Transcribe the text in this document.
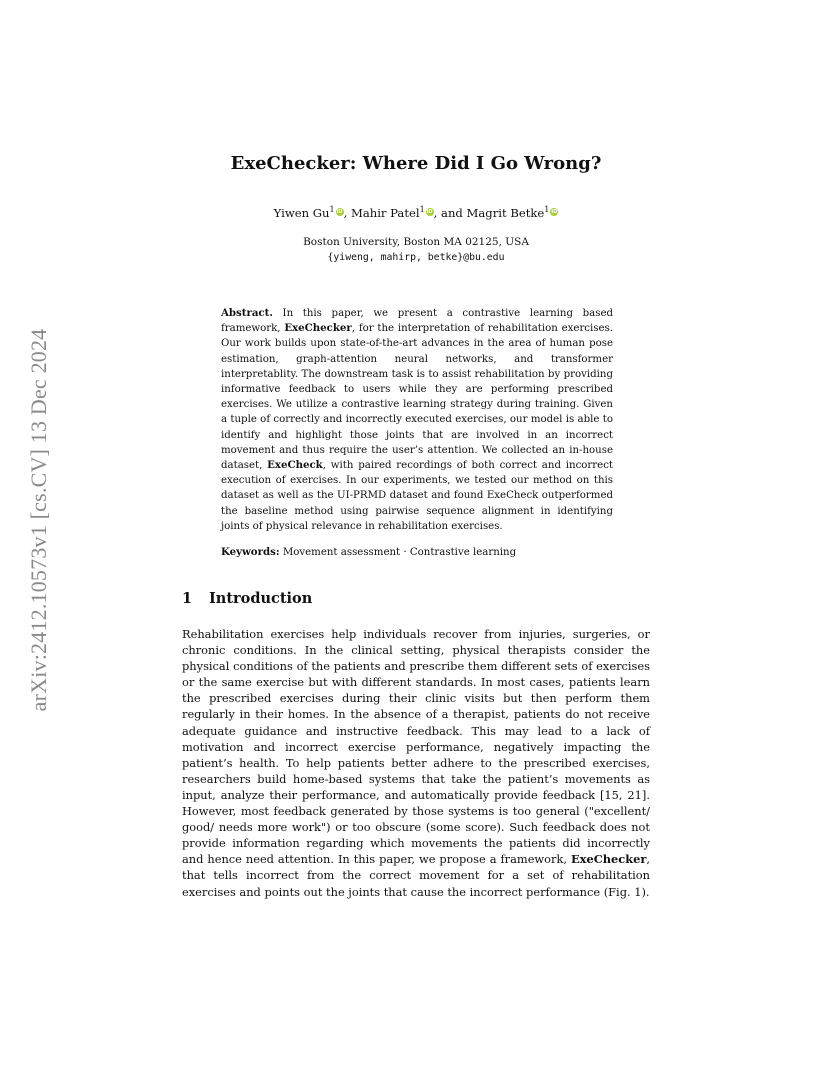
arXiv:2412.10573v1 [cs.CV] 13 Dec 2024
ExeChecker: Where Did I Go Wrong?
Yiwen Gu$^1$ iD, Mahir Patel$^1$ iD, and Magrit Betke$^1$ iD
Boston University, Boston MA 02125, USA
{yiweng, mahirp, betke}@bu.edu

Abstract. In this paper, we present a contrastive learning based framework, ExeChecker, for the interpretation of rehabilitation exercises. Our work builds upon state-of-the-art advances in the area of human pose estimation, graph-attention neural networks, and transformer interpretablity. The downstream task is to assist rehabilitation by providing informative feedback to users while they are performing prescribed exercises. We utilize a contrastive learning strategy during training. Given a tuple of correctly and incorrectly executed exercises, our model is able to identify and highlight those joints that are involved in an incorrect movement and thus require the user’s attention. We collected an in-house dataset, ExeCheck, with paired recordings of both correct and incorrect execution of exercises. In our experiments, we tested our method on this dataset as well as the UI-PRMD dataset and found ExeCheck outperformed the baseline method using pairwise sequence alignment in identifying joints of physical relevance in rehabilitation exercises.

Keywords: Movement assessment · Contrastive learning

1 Introduction

Rehabilitation exercises help individuals recover from injuries, surgeries, or chronic conditions. In the clinical setting, physical therapists consider the physical conditions of the patients and prescribe them different sets of exercises or the same exercise but with different standards. In most cases, patients learn the prescribed exercises during their clinic visits but then perform them regularly in their homes. In the absence of a therapist, patients do not receive adequate guidance and instructive feedback. This may lead to a lack of motivation and incorrect exercise performance, negatively impacting the patient’s health. To help patients better adhere to the prescribed exercises, researchers build home-based systems that take the patient’s movements as input, analyze their performance, and automatically provide feedback [15, 21]. However, most feedback generated by those systems is too general ("excellent/ good/ needs more work") or too obscure (some score). Such feedback does not provide information regarding which movements the patients did incorrectly and hence need attention. In this paper, we propose a framework, ExeChecker, that tells incorrect from the correct movement for a set of rehabilitation exercises and points out the joints that cause the incorrect performance (Fig. 1).
